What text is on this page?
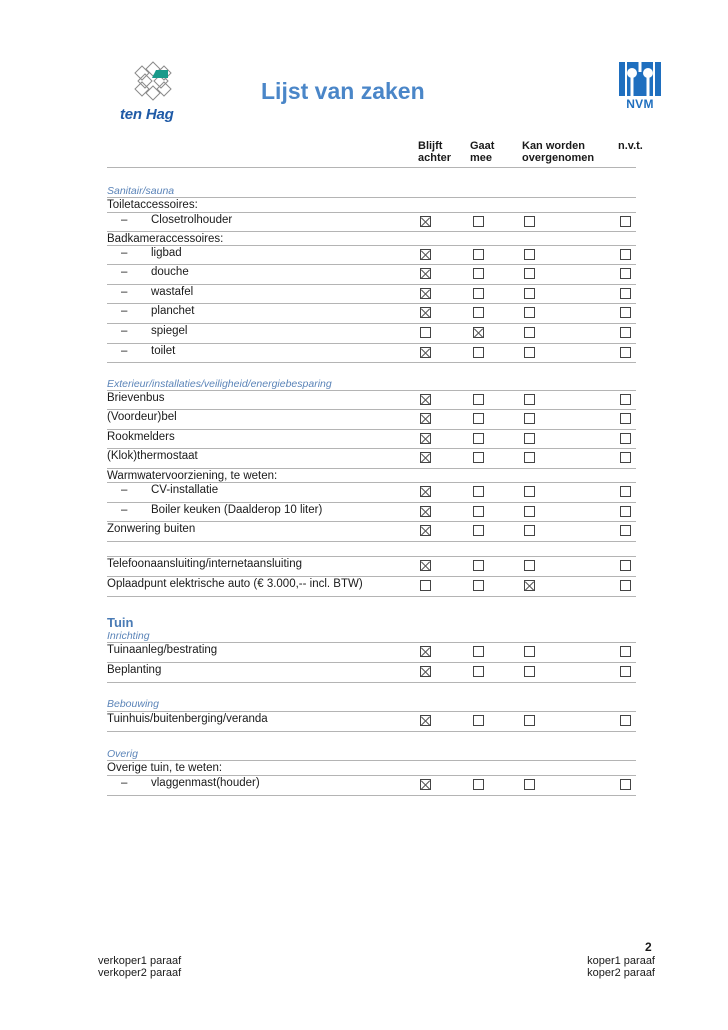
ten Hag
Lijst van zaken	NVM
Blijft
achter
Gaat
mee
Kan worden
overgenomen
n.v.t.
Sanitair/sauna
Toiletaccessoires:
– Closetrolhouder
Badkameraccessoires:
– ligbad
– douche
– wastafel
– planchet
– spiegel
– toilet
Exterieur/installaties/veiligheid/energiebesparing
Brievenbus
(Voordeur)bel
Rookmelders
(Klok)thermostaat
Warmwatervoorziening, te weten:
– CV-installatie
– Boiler keuken (Daalderop 10 liter)
Zonwering buiten
Telefoonaansluiting/internetaansluiting
Oplaadpunt elektrische auto (€ 3.000,-- incl. BTW)
Tuin
Inrichting
Tuinaanleg/bestrating
Beplanting
Bebouwing
Tuinhuis/buitenberging/veranda
Overig
Overige tuin, te weten:
– vlaggenmast(houder)
2
verkoper1 paraaf
verkoper2 paraaf
koper1 paraaf
koper2 paraaf
